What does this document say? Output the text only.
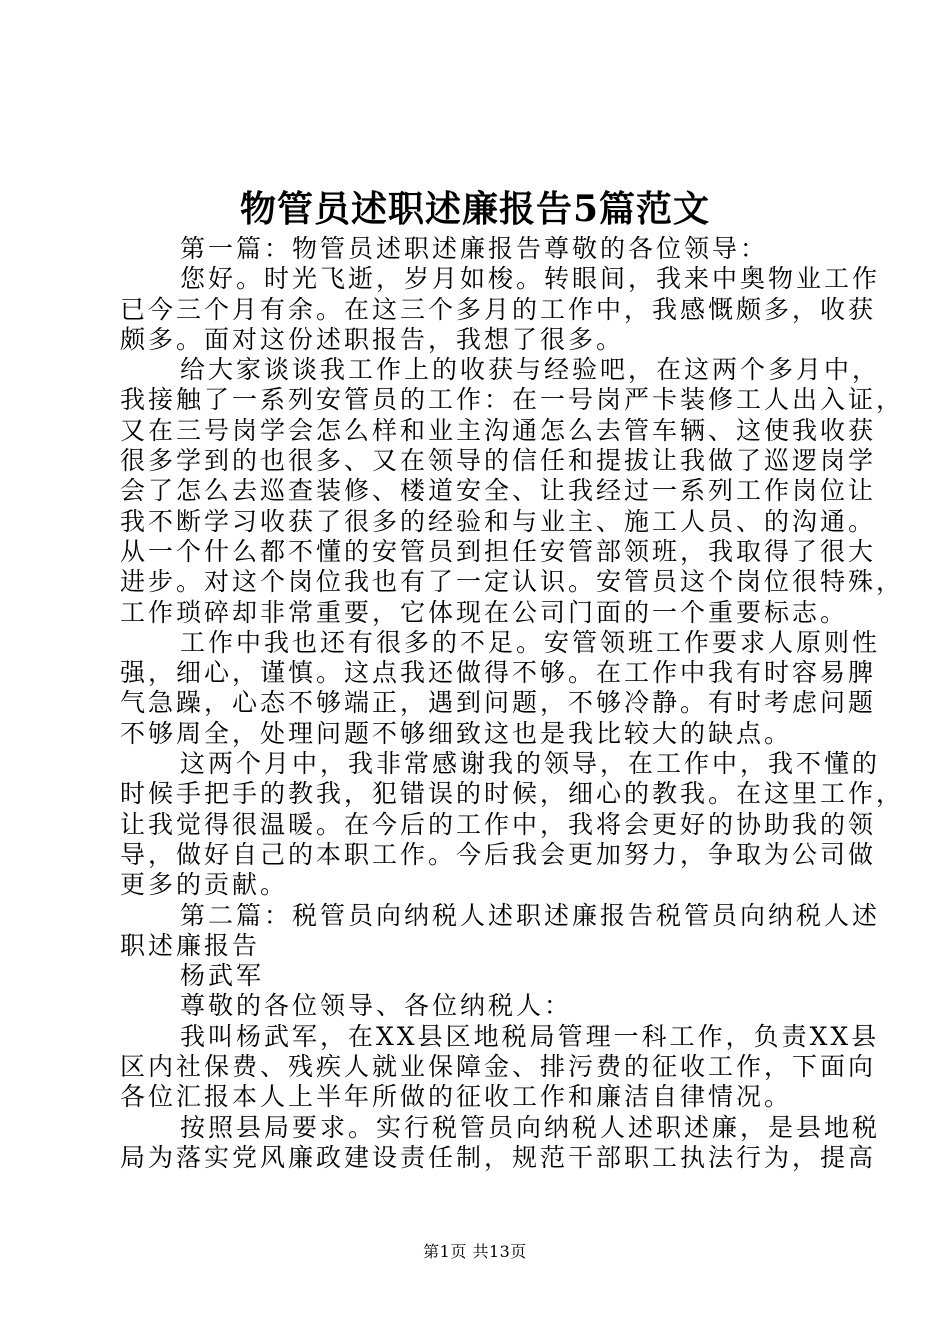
物管员述职述廉报告5篇范文
第一篇：物管员述职述廉报告尊敬的各位领导：
您好。时光飞逝，岁月如梭。转眼间，我来中奥物业工作
已今三个月有余。在这三个多月的工作中，我感慨颇多，收获
颇多。面对这份述职报告，我想了很多。
给大家谈谈我工作上的收获与经验吧，在这两个多月中，
我接触了一系列安管员的工作：在一号岗严卡装修工人出入证，
又在三号岗学会怎么样和业主沟通怎么去管车辆、这使我收获
很多学到的也很多、又在领导的信任和提拔让我做了巡逻岗学
会了怎么去巡查装修、楼道安全、让我经过一系列工作岗位让
我不断学习收获了很多的经验和与业主、施工人员、的沟通。
从一个什么都不懂的安管员到担任安管部领班，我取得了很大
进步。对这个岗位我也有了一定认识。安管员这个岗位很特殊，
工作琐碎却非常重要，它体现在公司门面的一个重要标志。
工作中我也还有很多的不足。安管领班工作要求人原则性
强，细心，谨慎。这点我还做得不够。在工作中我有时容易脾
气急躁，心态不够端正，遇到问题，不够冷静。有时考虑问题
不够周全，处理问题不够细致这也是我比较大的缺点。
这两个月中，我非常感谢我的领导，在工作中，我不懂的
时候手把手的教我，犯错误的时候，细心的教我。在这里工作，
让我觉得很温暖。在今后的工作中，我将会更好的协助我的领
导，做好自己的本职工作。今后我会更加努力，争取为公司做
更多的贡献。
第二篇：税管员向纳税人述职述廉报告税管员向纳税人述
职述廉报告
杨武军
尊敬的各位领导、各位纳税人：
我叫杨武军，在XX县区地税局管理一科工作，负责XX县
区内社保费、残疾人就业保障金、排污费的征收工作，下面向
各位汇报本人上半年所做的征收工作和廉洁自律情况。
按照县局要求。实行税管员向纳税人述职述廉，是县地税
局为落实党风廉政建设责任制，规范干部职工执法行为，提高
第1页 共13页
